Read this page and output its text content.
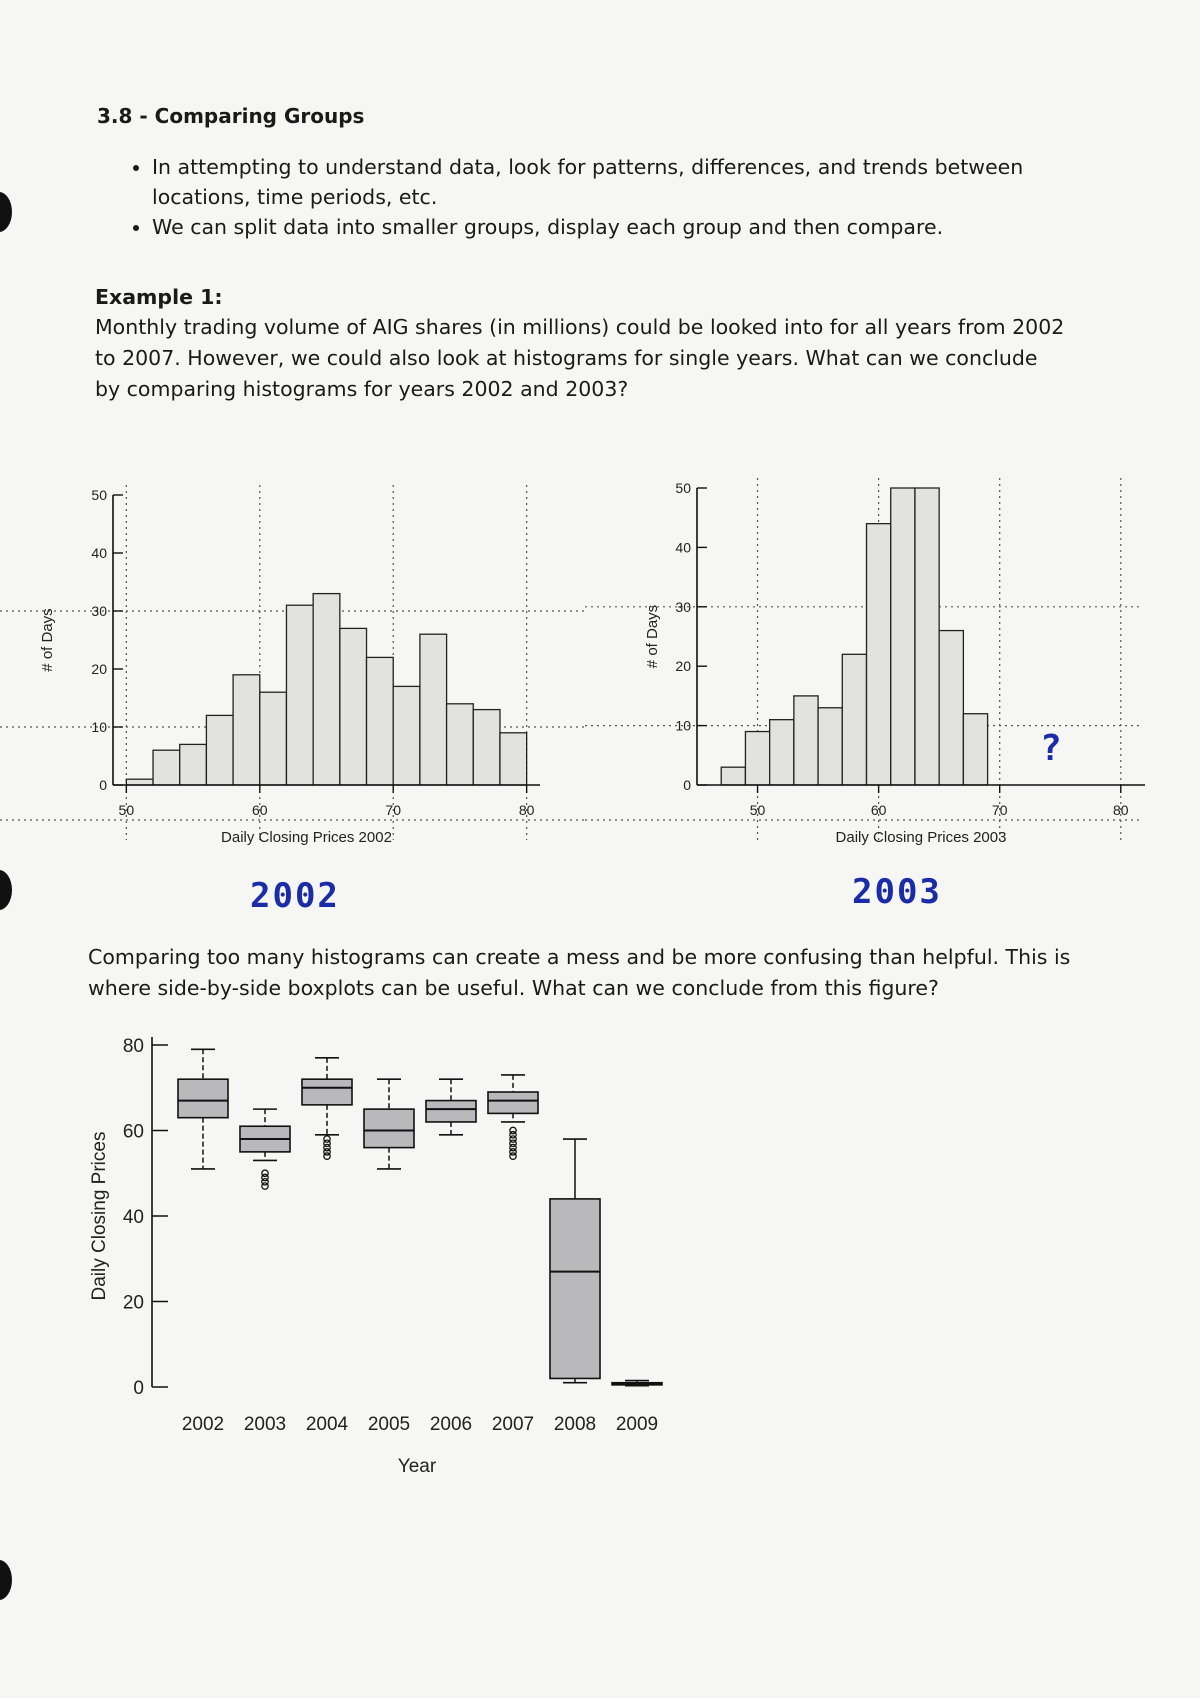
3.8 - Comparing Groups
• In attempting to understand data, look for patterns, differences, and trends between locations, time periods, etc.
• We can split data into smaller groups, display each group and then compare.
Example 1:
Monthly trading volume of AIG shares (in millions) could be looked into for all years from 2002 to 2007. However, we could also look at histograms for single years. What can we conclude by comparing histograms for years 2002 and 2003?
0
10
20
30
40
50
50	60	70	80
Daily Closing Prices 2002
# of Days
0
10
20
30
40
50
50	60	70	80
Daily Closing Prices 2003
# of Days
0
20
40
60
80
2002 2003 2004 2005 2006 2007 2008 2009
Year
Daily Closing Prices
2002	2003
?
Comparing too many histograms can create a mess and be more confusing than helpful. This is where side-by-side boxplots can be useful. What can we conclude from this figure?
